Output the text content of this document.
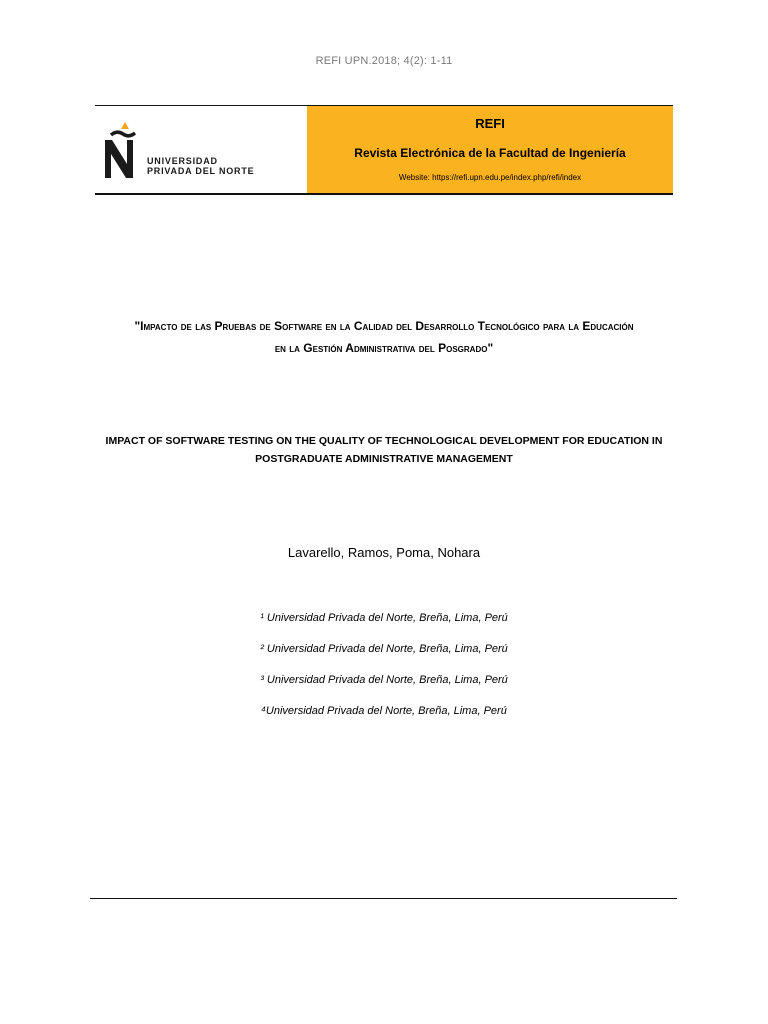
REFI UPN.2018; 4(2): 1-11
UNIVERSIDAD
PRIVADA DEL NORTE
REFI
Revista Electrónica de la Facultad de Ingeniería
Website: https://refi.upn.edu.pe/index.php/refi/index
"Impacto de las Pruebas de Software en la Calidad del Desarrollo Tecnológico para la Educación
en la Gestión Administrativa del Posgrado"
IMPACT OF SOFTWARE TESTING ON THE QUALITY OF TECHNOLOGICAL DEVELOPMENT FOR EDUCATION IN
POSTGRADUATE ADMINISTRATIVE MANAGEMENT
Lavarello, Ramos, Poma, Nohara
¹ Universidad Privada del Norte, Breña, Lima, Perú
² Universidad Privada del Norte, Breña, Lima, Perú
³ Universidad Privada del Norte, Breña, Lima, Perú
⁴Universidad Privada del Norte, Breña, Lima, Perú
